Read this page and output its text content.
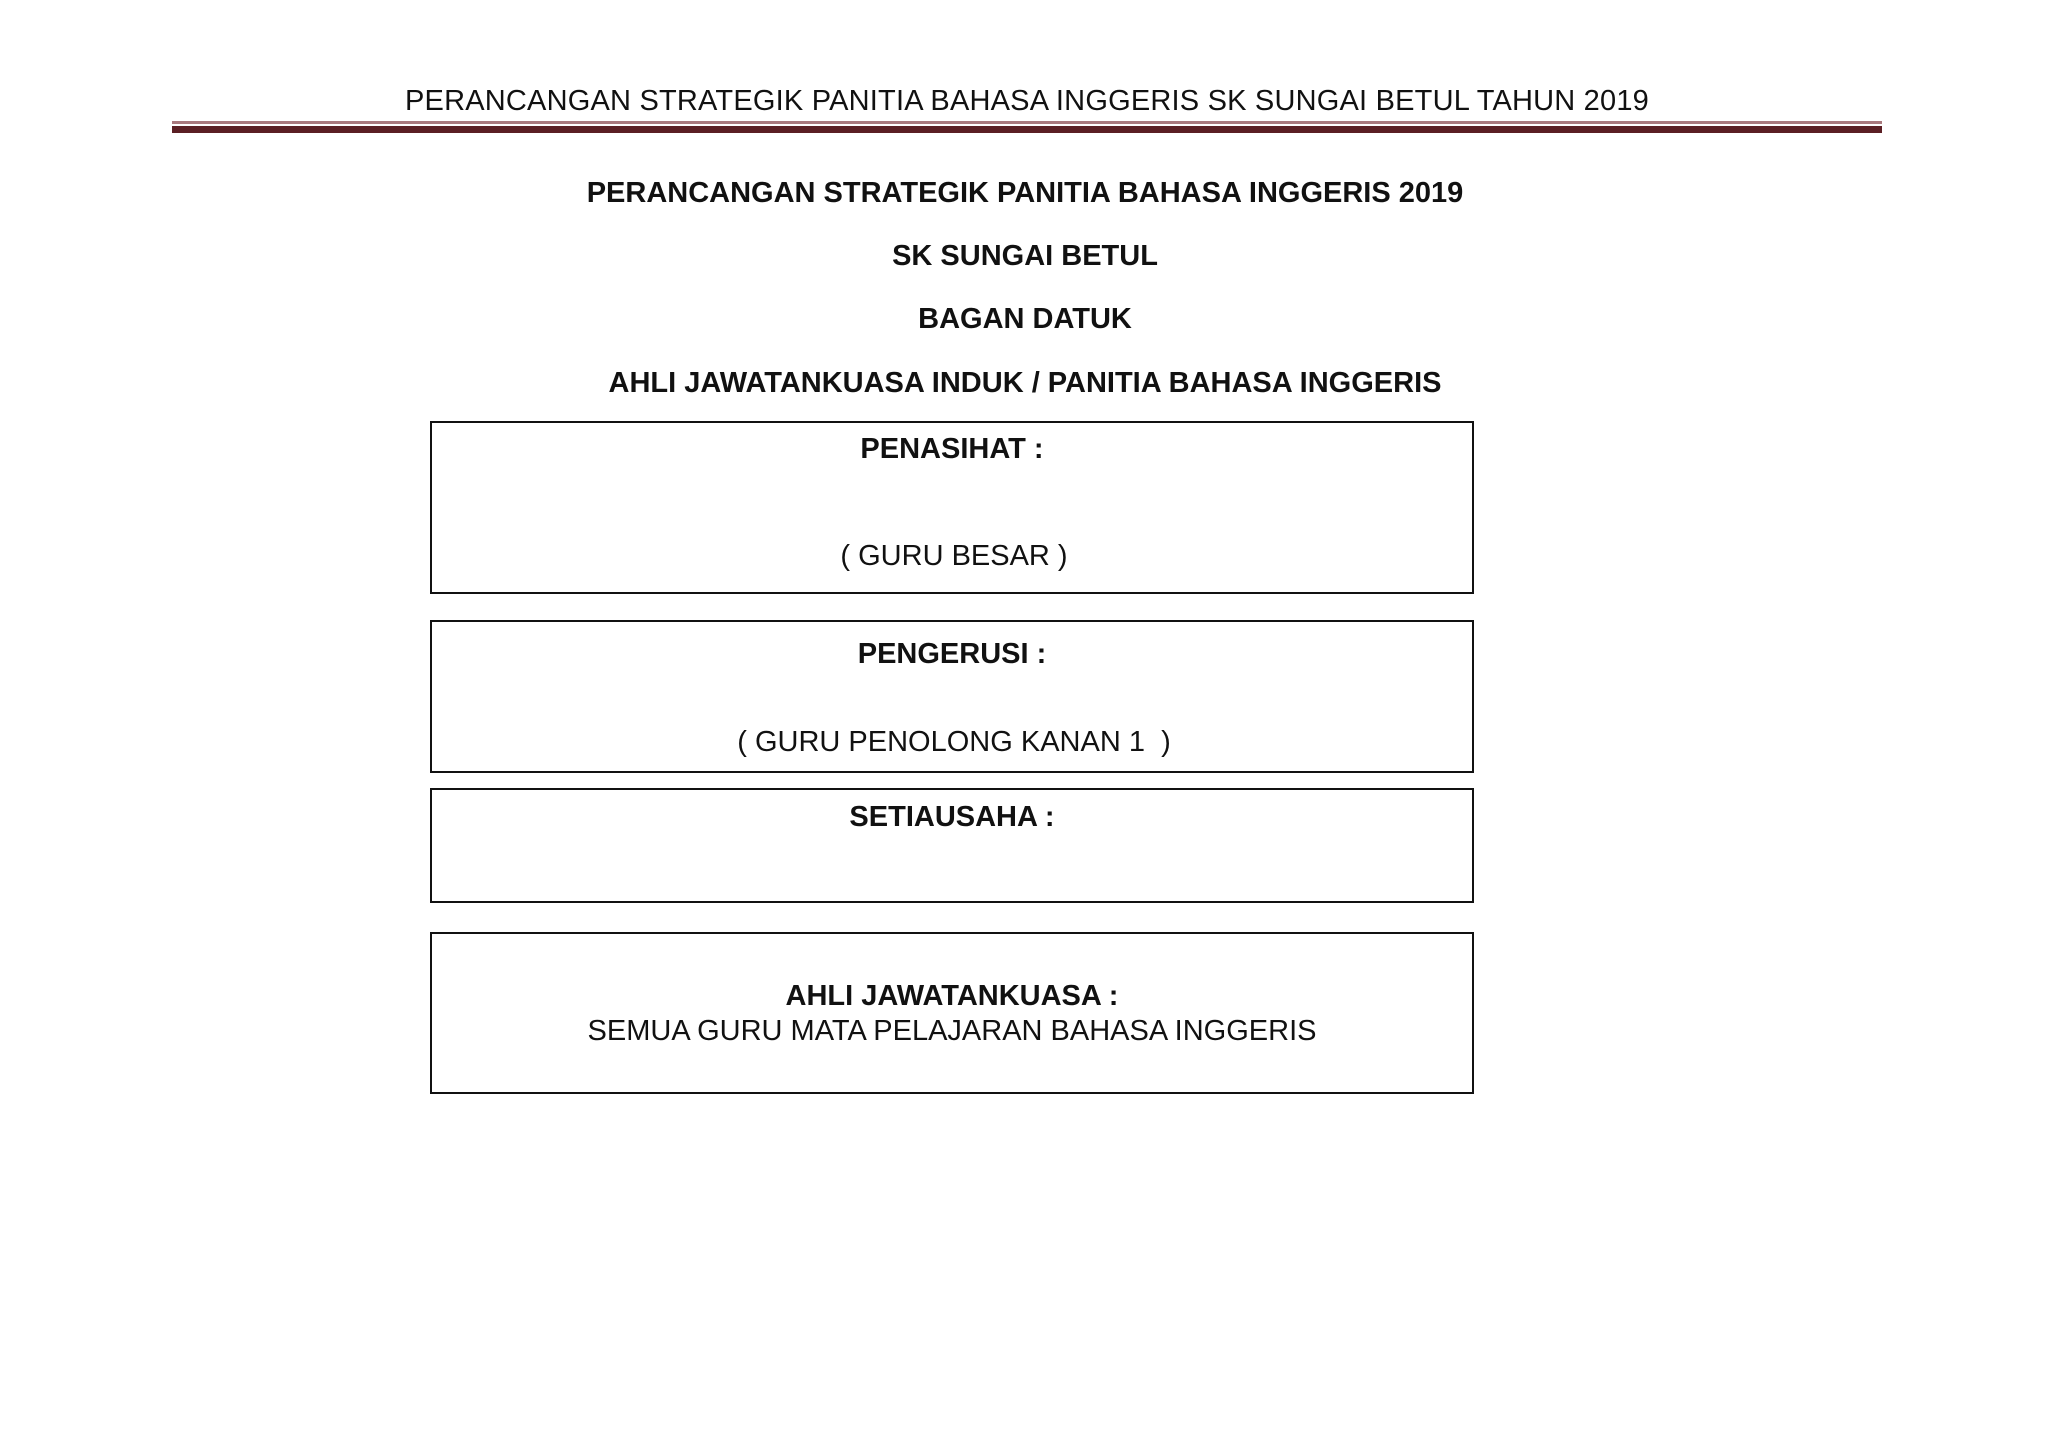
PERANCANGAN STRATEGIK PANITIA BAHASA INGGERIS SK SUNGAI BETUL TAHUN 2019
PERANCANGAN STRATEGIK PANITIA BAHASA INGGERIS 2019
SK SUNGAI BETUL
BAGAN DATUK
AHLI JAWATANKUASA INDUK / PANITIA BAHASA INGGERIS
PENASIHAT :
( GURU BESAR )
PENGERUSI :
( GURU PENOLONG KANAN 1  )
SETIAUSAHA :
AHLI JAWATANKUASA :
SEMUA GURU MATA PELAJARAN BAHASA INGGERIS
